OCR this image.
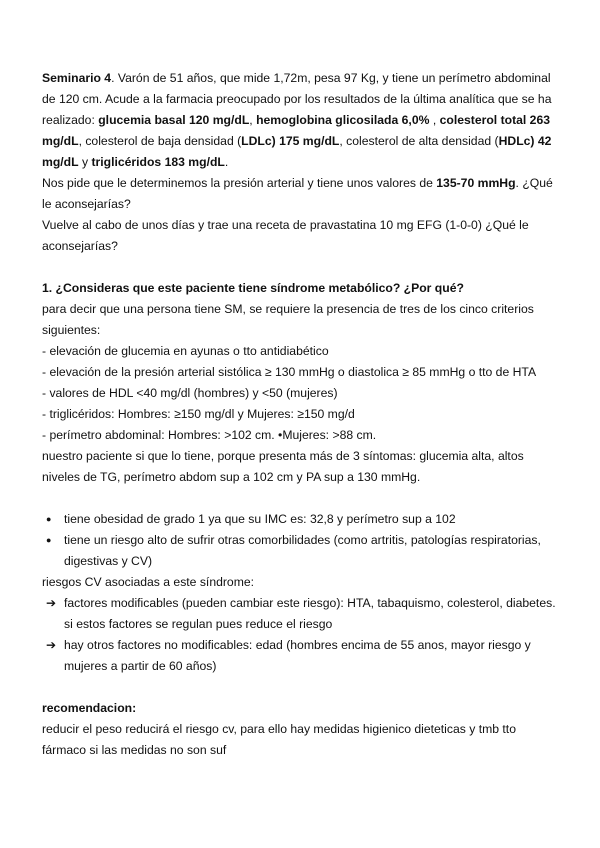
Seminario 4. Varón de 51 años, que mide 1,72m, pesa 97 Kg, y tiene un perímetro abdominal de 120 cm. Acude a la farmacia preocupado por los resultados de la última analítica que se ha realizado: glucemia basal 120 mg/dL, hemoglobina glicosilada 6,0% , colesterol total 263 mg/dL, colesterol de baja densidad (LDLc) 175 mg/dL, colesterol de alta densidad (HDLc) 42 mg/dL y triglicéridos 183 mg/dL.

Nos pide que le determinemos la presión arterial y tiene unos valores de 135-70 mmHg. ¿Qué le aconsejarías?

Vuelve al cabo de unos días y trae una receta de pravastatina 10 mg EFG (1-0-0) ¿Qué le aconsejarías?

1. ¿Consideras que este paciente tiene síndrome metabólico? ¿Por qué?

para decir que una persona tiene SM, se requiere la presencia de tres de los cinco criterios siguientes:

- elevación de glucemia en ayunas o tto antidiabético

- elevación de la presión arterial sistólica ≥ 130 mmHg o diastolica ≥ 85 mmHg o tto de HTA

- valores de HDL <40 mg/dl (hombres) y <50 (mujeres)

- triglicéridos: Hombres: ≥150 mg/dl y Mujeres: ≥150 mg/d

- perímetro abdominal: Hombres: >102 cm. •Mujeres: >88 cm.

nuestro paciente si que lo tiene, porque presenta más de 3 síntomas: glucemia alta, altos niveles de TG, perímetro abdom sup a 102 cm y PA sup a 130 mmHg.

●	tiene obesidad de grado 1 ya que su IMC es: 32,8 y perímetro sup a 102
●	tiene un riesgo alto de sufrir otras comorbilidades (como artritis, patologías respiratorias, digestivas y CV)

riesgos CV asociadas a este síndrome:

➔ factores modificables (pueden cambiar este riesgo): HTA, tabaquismo, colesterol, diabetes. si estos factores se regulan pues reduce el riesgo
➔ hay otros factores no modificables: edad (hombres encima de 55 anos, mayor riesgo y mujeres a partir de 60 años)

recomendacion:

reducir el peso reducirá el riesgo cv, para ello hay medidas higienico dieteticas y tmb tto fármaco si las medidas no son suf
